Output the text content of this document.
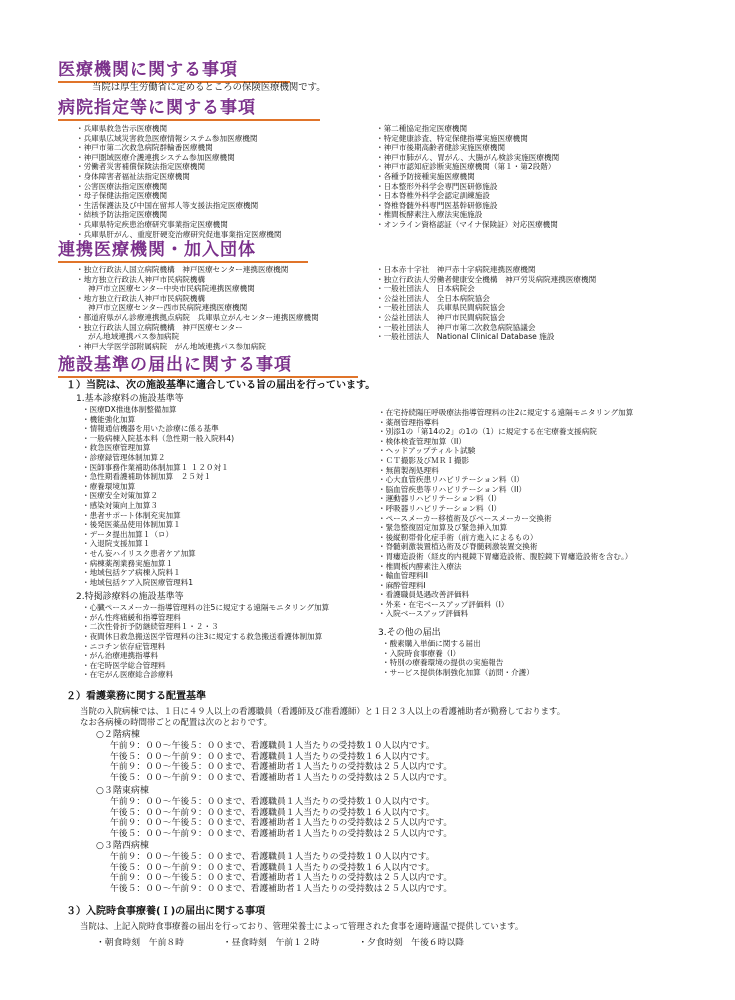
医療機関に関する事項
当院は厚生労働省に定めるところの保険医療機関です。
病院指定等に関する事項
・兵庫県救急告示医療機関
・兵庫県広域災害救急医療情報システム参加医療機関
・神戸市第二次救急病院群輪番医療機関
・神戸圏域医療介護連携システム参加医療機関
・労働者災害補償保険法指定医療機関
・身体障害者福祉法指定医療機関
・公害医療法指定医療機関
・母子保健法指定医療機関
・生活保護法及び中国在留邦人等支援法指定医療機関
・結核予防法指定医療機関
・兵庫県特定疾患治療研究事業指定医療機関
・兵庫県肝がん、重度肝硬変治療研究促進事業指定医療機関
・第二種協定指定医療機関
・特定健康診査、特定保健指導実施医療機関
・神戸市後期高齢者健診実施医療機関
・神戸市肺がん、胃がん、大腸がん検診実施医療機関
・神戸市認知症診断実施医療機関（第１・第2段階）
・各種予防接種実施医療機関
・日本整形外科学会専門医研修施設
・日本脊椎外科学会認定訓練施設
・脊椎脊髄外科専門医基幹研修施設
・椎間板酵素注入療法実施施設
・オンライン資格認証（マイナ保険証）対応医療機関
連携医療機関・加入団体
・独立行政法人国立病院機構　神戸医療センター連携医療機関
・地方独立行政法人神戸市民病院機構
神戸市立医療センター中央市民病院連携医療機関
・地方独立行政法人神戸市民病院機構
神戸市立医療センター西市民病院連携医療機関
・都道府県がん診療連携拠点病院　兵庫県立がんセンター連携医療機関
・独立行政法人国立病院機構　神戸医療センター
がん地域連携パス参加病院
・神戸大学医学部附属病院　がん地域連携パス参加病院
・日本赤十字社　神戸赤十字病院連携医療機関
・独立行政法人労働者健康安全機構　神戸労災病院連携医療機関
・一般社団法人　日本病院会
・公益社団法人　全日本病院協会
・一般社団法人　兵庫県民間病院協会
・公益社団法人　神戸市民間病院協会
・一般社団法人　神戸市第二次救急病院協議会
・一般社団法人　National Clinical Database 施設
施設基準の届出に関する事項
１）当院は、次の施設基準に適合している旨の届出を行っています。
1.基本診療料の施設基準等
・医療DX推進体制整備加算
・機能強化加算
・情報通信機器を用いた診療に係る基準
・一般病棟入院基本料（急性期一般入院料4)
・救急医療管理加算
・診療録管理体制加算２
・医師事務作業補助体制加算１ １２０対１
・急性期看護補助体制加算　２５対１
・療養環境加算
・医療安全対策加算２
・感染対策向上加算３
・患者サポート体制充実加算
・後発医薬品使用体制加算１
・データ提出加算１（ロ）
・入退院支援加算１
・せん妄ハイリスク患者ケア加算
・病棟薬剤業務実施加算１
・地域包括ケア病棟入院料１
・地域包括ケア入院医療管理料1
2.特掲診療料の施設基準等
・心臓ペースメーカー指導管理料の注5に規定する遠隔モニタリング加算
・がん性疼痛緩和指導管理料
・二次性骨折予防継続管理料１・２・３
・夜間休日救急搬送医学管理料の注3に規定する救急搬送看護体制加算
・ニコチン依存症管理料
・がん治療連携指導料
・在宅時医学総合管理料
・在宅がん医療総合診療料
・在宅持続陽圧呼吸療法指導管理料の注2に規定する遠隔モニタリング加算
・薬剤管理指導料
・別添1の「第14の2」の1の（1）に規定する在宅療養支援病院
・検体検査管理加算（II）
・ヘッドアップティルト試験
・ＣＴ撮影及びＭＲＩ撮影
・無菌製剤処理料
・心大血管疾患リハビリテーション料（I）
・脳血管疾患等リハビリテーション料（II）
・運動器リハビリテーション料（I）
・呼吸器リハビリテーション料（I）
・ペースメーカー移植術及びペースメーカー交換術
・緊急整復固定加算及び緊急挿入加算
・後縦靭帯骨化症手術（前方進入によるもの）
・脊髄刺激装置植込術及び脊髄刺激装置交換術
・胃瘻造設術（経皮的内視鏡下胃瘻造設術、腹腔鏡下胃瘻造設術を含む。）
・椎間板内酵素注入療法
・輸血管理料II
・麻酔管理料I
・看護職員処遇改善評価料
・外来・在宅ベースアップ評価料（I）
・入院ベースアップ評価料
3.その他の届出
・酸素購入単価に関する届出
・入院時食事療養（I）
・特別の療養環境の提供の実施報告
・サービス提供体制強化加算（訪問・介護）
２）看護業務に関する配置基準
当院の入院病棟では、１日に４９人以上の看護職員（看護師及び准看護師）と１日２３人以上の看護補助者が勤務しております。
なお各病棟の時間帯ごとの配置は次のとおりです。
○２階病棟
午前９：００～午後５：００まで、看護職員１人当たりの受持数１０人以内です。
午後５：００～午前９：００まで、看護職員１人当たりの受持数１６人以内です。
午前９：００～午後５：００まで、看護補助者１人当たりの受持数は２５人以内です。
午後５：００～午前９：００まで、看護補助者１人当たりの受持数は２５人以内です。
○３階東病棟
午前９：００～午後５：００まで、看護職員１人当たりの受持数１０人以内です。
午後５：００～午前９：００まで、看護職員１人当たりの受持数１６人以内です。
午前９：００～午後５：００まで、看護補助者１人当たりの受持数は２５人以内です。
午後５：００～午前９：００まで、看護補助者１人当たりの受持数は２５人以内です。
○３階西病棟
午前９：００～午後５：００まで、看護職員１人当たりの受持数１０人以内です。
午後５：００～午前９：００まで、看護職員１人当たりの受持数１６人以内です。
午前９：００～午後５：００まで、看護補助者１人当たりの受持数は２５人以内です。
午後５：００～午前９：００まで、看護補助者１人当たりの受持数は２５人以内です。
３）入院時食事療養(Ｉ)の届出に関する事項
当院は、上記入院時食事療養の届出を行っており、管理栄養士によって管理された食事を適時適温で提供しています。
・朝食時刻　午前８時	・昼食時刻　午前１２時	・夕食時刻　午後６時以降
